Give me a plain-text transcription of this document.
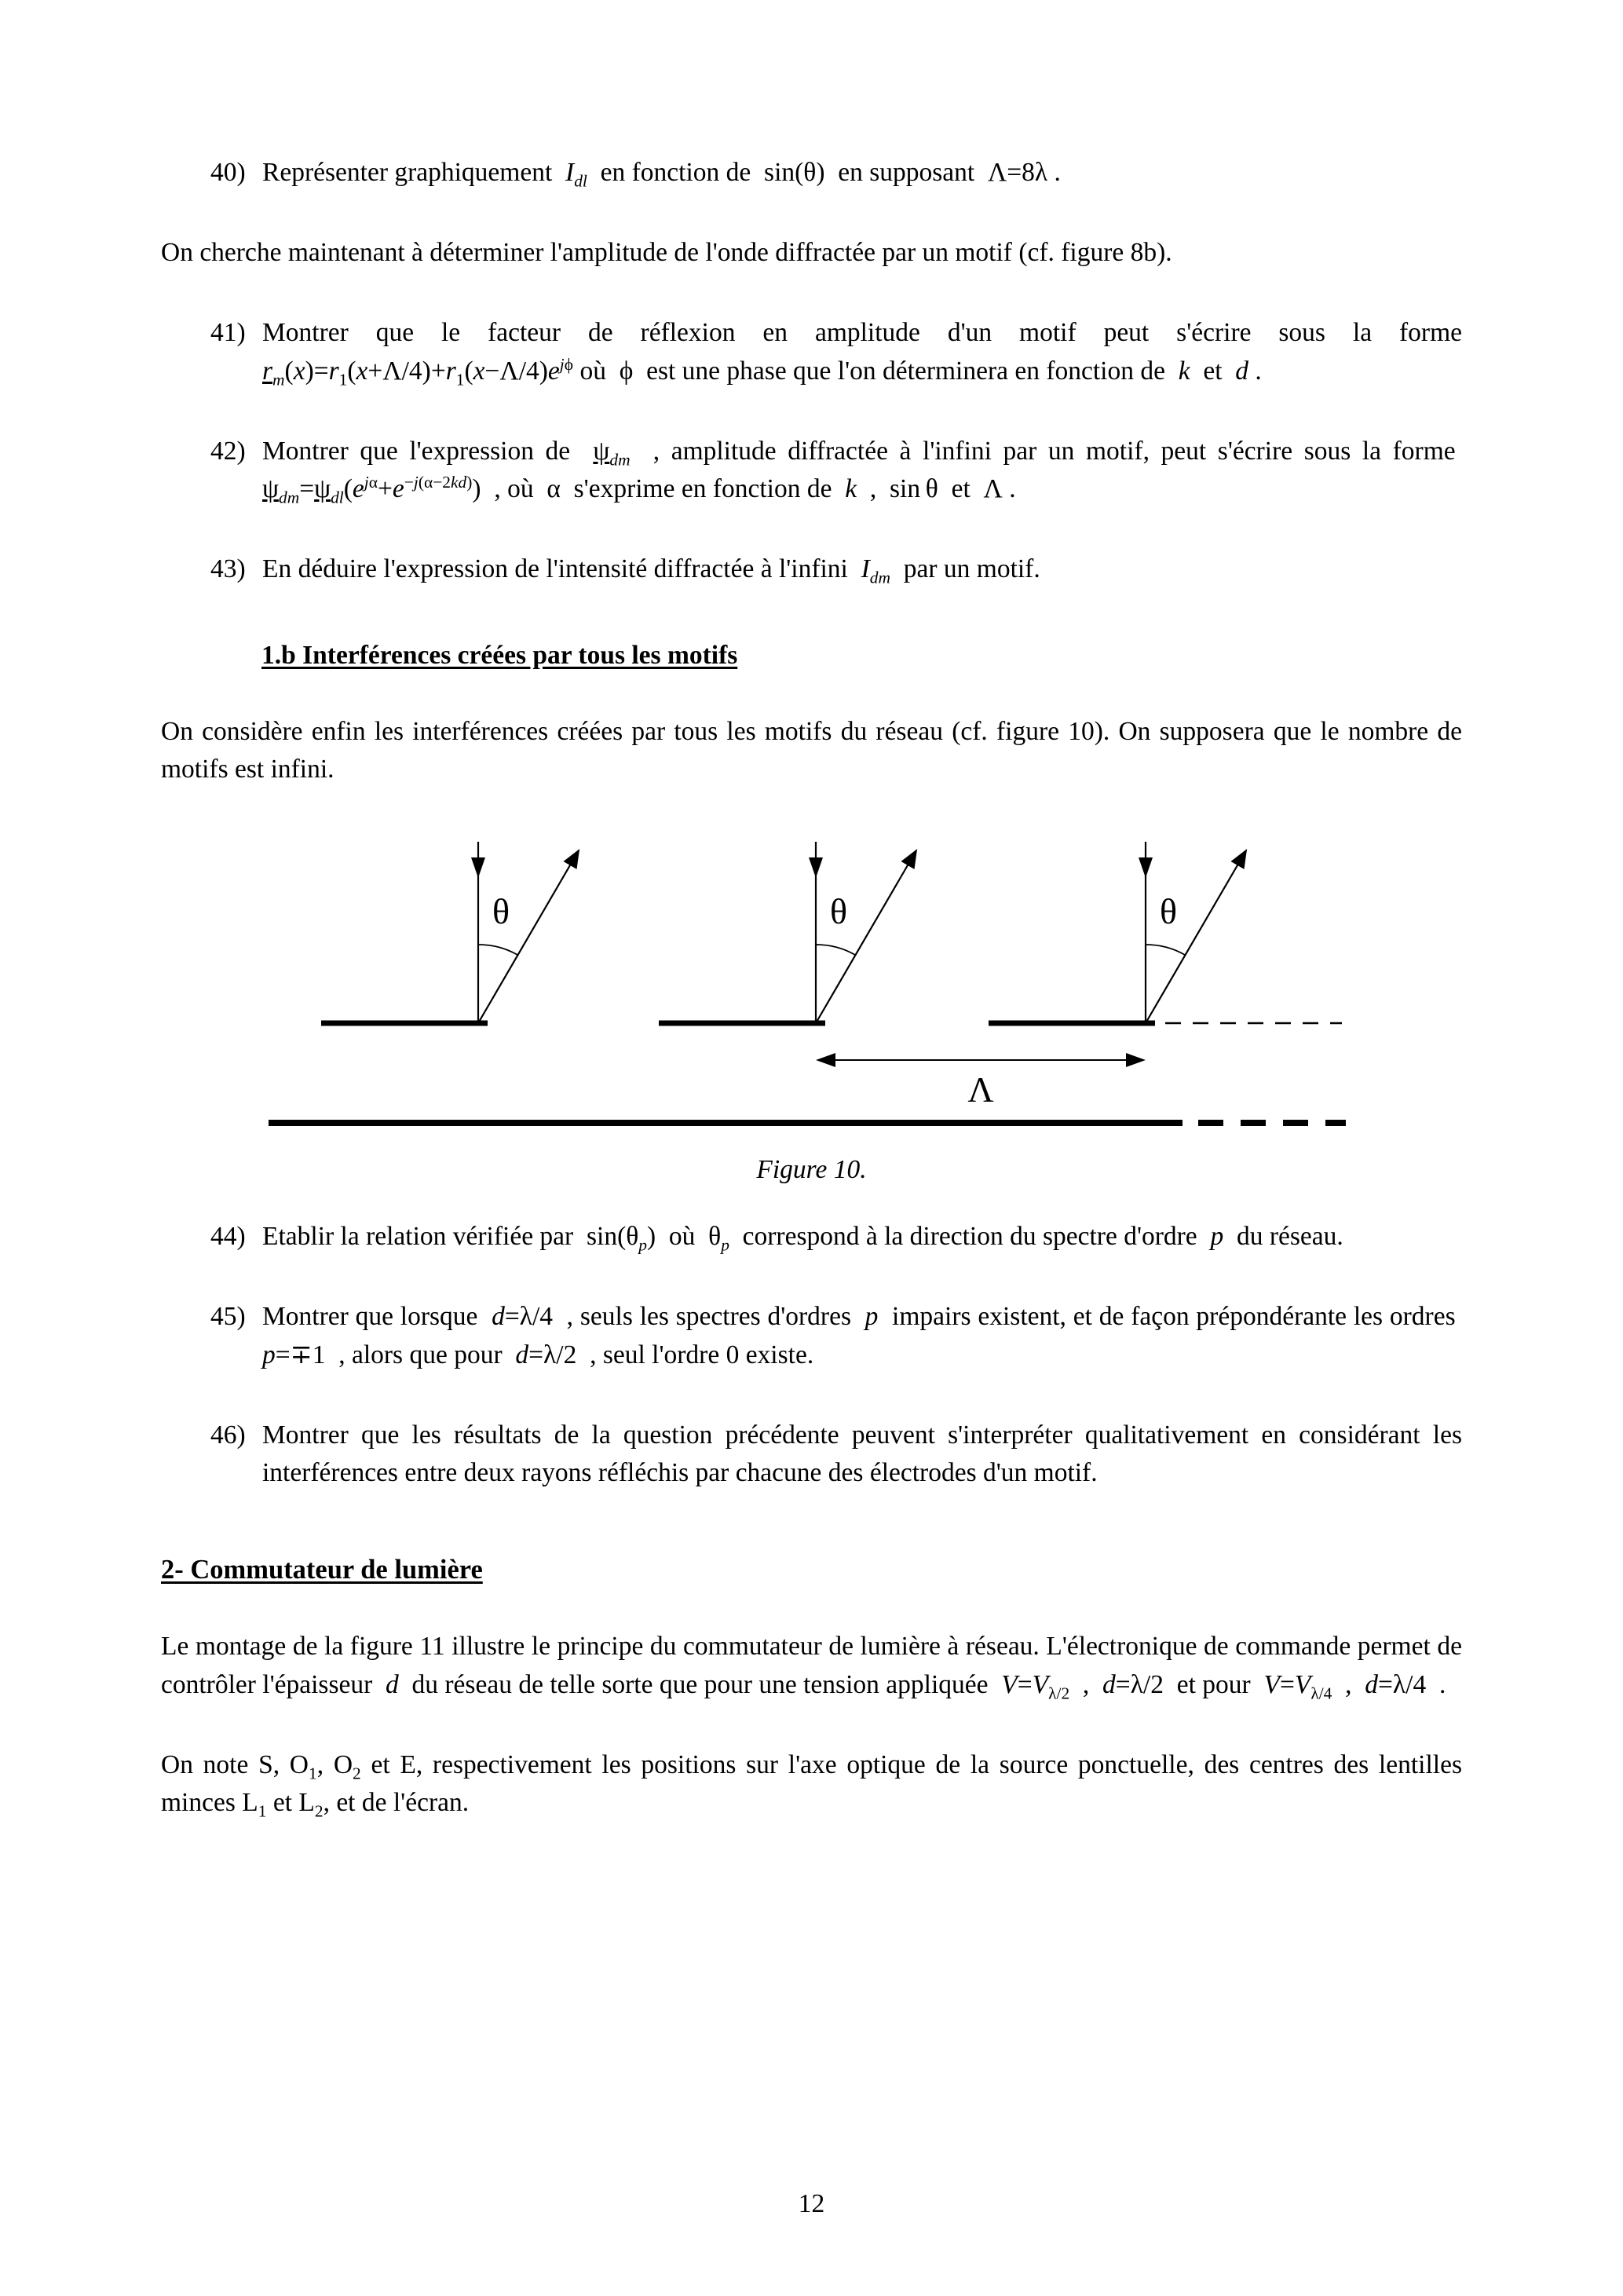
40) Représenter graphiquement  $I_{dl}$  en fonction de  sin(θ)  en supposant  Λ=8λ .

On cherche maintenant à déterminer l'amplitude de l'onde diffractée par un motif (cf. figure 8b).

41) Montrer que le facteur de réflexion en amplitude d'un motif peut s'écrire sous la forme $r_m(x)=r_1(x+\Lambda/4)+r_1(x-\Lambda/4)e^{j\phi}$ où  ϕ  est une phase que l'on déterminera en fonction de  k  et  d .
42) Montrer que l'expression de  $\psi_{dm}$  , amplitude diffractée à l'infini par un motif, peut s'écrire sous la forme  $\psi_{dm}=\psi_{dl}(e^{j\alpha}+e^{-j(\alpha-2kd)})$  , où  α  s'exprime en fonction de  k  ,  sin θ  et  Λ .
43) En déduire l'expression de l'intensité diffractée à l'infini  $I_{dm}$  par un motif.
1.b Interférences créées par tous les motifs

On considère enfin les interférences créées par tous les motifs du réseau (cf. figure 10). On supposera que le nombre de motifs est infini.

θ	θ	θ
Λ
Figure 10.
44) Etablir la relation vérifiée par  $\sin(\theta_p)$  où  $\theta_p$  correspond à la direction du spectre d'ordre  p  du réseau.
45) Montrer que lorsque  d=λ/4  , seuls les spectres d'ordres  p  impairs existent, et de façon prépondérante les ordres  p=∓1  , alors que pour  d=λ/2  , seul l'ordre 0 existe.
46) Montrer que les résultats de la question précédente peuvent s'interpréter qualitativement en considérant les interférences entre deux rayons réfléchis par chacune des électrodes d'un motif.
2- Commutateur de lumière

Le montage de la figure 11 illustre le principe du commutateur de lumière à réseau. L'électronique de commande permet de contrôler l'épaisseur  d  du réseau de telle sorte que pour une tension appliquée  $V=V_{\lambda/2}$  ,  d=λ/2  et pour  $V=V_{\lambda/4}$  ,  d=λ/4  .

On note S, $O_1$, $O_2$ et E, respectivement les positions sur l'axe optique de la source ponctuelle, des centres des lentilles minces $L_1$ et $L_2$, et de l'écran.

12
